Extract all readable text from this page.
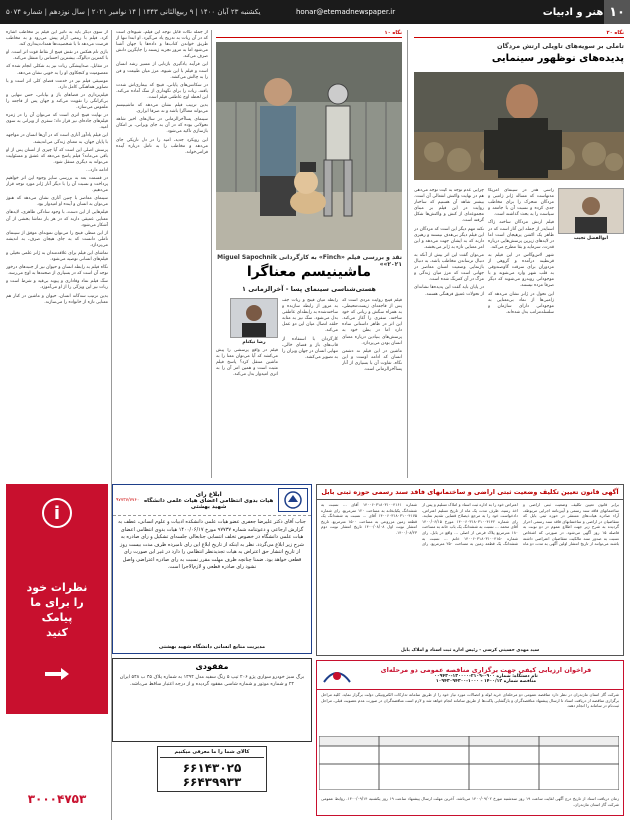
۱۰
هنر و ادبیات
honar@etemadnewspaper.ir
یکشنبه ۲۳ آبان ۱۴۰۰ | ۹ ربیع‌الثانی ۱۴۴۳ | ۱۴ نوامبر ۲۰۲۱ | سال نوزدهم | شماره ۵۰۷۴
نگاه ۲۰
تاملی بر سویه‌های تاویلی ارتش مردگان
پدیده‌های نوظهور سینمایی
ابوالفضل نجیب

راسی هدر در سینمای امریکا مدتهاست که مساله ژانر زامبی و مردگان متحرک را برای مخاطب جدی کرده و نسبت آن با جامعه و سیاست را به بحث گذاشته است.

فیلم ارتش مردگان ساخته زاک اسنایدر از جمله این آثار است که در ظاهر یک اکشن پرهیجان است اما در لایه‌های زیرین پرسش‌هایی درباره قدرت، سرمایه و بقا مطرح می‌کند.

شهر لاس‌وگاس در این فیلم به قرنطینه درآمده و گروهی از مزدوران برای سرقت گاوصندوقی به قلب شهر وارد می‌شوند و با موجوداتی روبه‌رو می‌شوند که دیگر صرفا مرده نیستند.

این تحول در ژانر نشان می‌دهد که زامبی‌ها از نماد بی‌معنایی به موجوداتی دارای سازمان و سلسله‌مراتب بدل شده‌اند.

چرایی عدم توجه به کیت توجه می‌دهی هم در نهایت واکنش انفعالی آن است. بیشتر شاهد آن هستیم که ساختار روایت در این فیلم بر مبنای مجموعه‌ای از کنش و واکنش‌ها شکل گرفته است.

نکته مهم دیگر این است که مردگان در این فیلم دیگر بی‌هدف نیستند و رهبری دارند که به ایشان جهت می‌دهد و این امر معنایی تازه به ژانر می‌بخشد.

می‌توان گفت این اثر بیش از آنکه به دنبال ترساندن مخاطب باشد، به دنبال بازنمایی وضعیت انسان معاصر در جهانی است که مرز میان زندگی و مرگ در آن کمرنگ شده است.

در پایان باید گفت این پدیده‌ها نشانه‌ای از تحولات عمیق فرهنگی هستند.

نگاه ۱۰
نقد و بررسی فیلم «Finch» به کارگردانی Miguel Sapochnik «۲۰۲۱»
ماشینیسم معناگرا
هستی‌شناسی سینمای پسا - آخرالزمانی ۱
رضا نیکنام

فیلم فینچ روایت مردی است که پس از فاجعه‌ای زیست‌محیطی، به همراه سگش و رباتی که خود ساخته، سفری را آغاز می‌کند. این اثر در ظاهر داستانی ساده دارد اما در بطن خود به پرسش‌های بنیادین درباره معنای انسان بودن می‌پردازد.

ماشین در این فیلم نه دشمن انسان که ادامه اوست و این نگاه، تفاوت آن با بسیاری از آثار پسا‌آخرالزمانی است.

رابطه میان فینچ و ربات جف به مرور از رابطه سازنده و ساخته‌شده به رابطه‌ای عاطفی بدل می‌شود. سگ نیز به مثابه حلقه اتصال میان این دو عمل می‌کند.

کارگردان با استفاده از قاب‌های باز و فضای خالی، تنهایی انسان در جهان ویران را به تصویر می‌کشد.

فیلم در واقع پرسشی را پیش می‌کشد که آیا می‌توان معنا را به ماشین منتقل کرد؟ پاسخ فیلم مثبت است و همین امر آن را به اثری امیدوار بدل می‌کند.

از جمله نکات قابل توجه این فیلم، شیوه‌ای است که در آن ربات به تدریج یاد می‌گیرد. او ابتدا تنها از طریق خواندن کتاب‌ها و داده‌ها با جهان آشنا می‌شود اما به مرور تجربه زیسته را جایگزین دانش صرف می‌کند.

این فرآیند یادگیری بازتابی از مسیر رشد انسان است و فیلم با این شیوه، مرز میان طبیعت و فن را به چالش می‌کشد.

در سکانس‌های پایانی، فینچ که بیماری‌اش شدت یافته، ربات را برای نگهداری از سگ آماده می‌کند. این لحظه اوج عاطفی فیلم است.

بدین ترتیب فیلم نشان می‌دهد که ماشینیسم می‌تواند معناگرا باشد و نه صرفا ابزاری.

سینمای پسا‌آخرالزمانی در سال‌های اخیر شاهد تحولاتی بوده که در آن به جای ویرانی، بر امکان بازسازی تاکید می‌شود.

این رویکرد جدید، امید را در دل تاریکی جای می‌دهد و مخاطب را به تامل درباره آینده فرامی‌خواند.

از سوی دیگر باید به تاثیر این فیلم بر مخاطب اشاره کرد. فیلم با ریتمی آرام پیش می‌رود و به مخاطب فرصت می‌دهد تا با شخصیت‌ها همذات‌پنداری کند.

بازی تام هنکس در نقش فینچ از نقاط قوت اثر است. او با کمترین دیالوگ، بیشترین احساس را منتقل می‌کند.

در مقابل، صداپیشگی ربات نیز به شکلی انجام شده که معصومیت و کنجکاوی او را به خوبی نشان می‌دهد.

موسیقی فیلم نیز در خدمت فضای کلی اثر است و با تصاویر هماهنگی کامل دارد.

فیلم‌برداری در فضاهای باز و بیابانی، حس تنهایی و بی‌کرانگی را تقویت می‌کند و جهان پس از فاجعه را ملموس می‌سازد.

در نهایت فینچ اثری است که می‌توان آن را در زمره فیلم‌های جاده‌ای نیز قرار داد؛ سفری از ویرانی به سوی امید.

این فیلم یادآور آثاری است که در آن‌ها انسان در مواجهه با پایان جهان، به معنای زندگی می‌اندیشد.

پرسش اصلی این است که آیا چیزی از انسان پس از او باقی می‌ماند؟ فیلم پاسخ می‌دهد که عشق و مسئولیت می‌تواند به دیگری منتقل شود.

ادامه دارد...

در قسمت بعد به بررسی سایر وجوه این اثر خواهیم پرداخت و نسبت آن را با دیگر آثار ژانر مورد توجه قرار می‌دهیم.

سینمای معاصر با چنین آثاری نشان می‌دهد که هنوز می‌توان به انسان و آینده او امیدوار بود.

فیلم‌هایی از این دست، با وجود سادگی ظاهری، لایه‌های معنایی عمیقی دارند که در هر بار تماشا بخشی از آن آشکار می‌شود.

از این منظر، فینچ را می‌توان نمونه‌ای موفق از سینمای تاملی دانست که به جای هیجان صرف، به اندیشه می‌پردازد.

تماشای این فیلم برای علاقه‌مندان به ژانر علمی تخیلی و فیلم‌های انسانی توصیه می‌شود.

نگاه فیلم به رابطه انسان و حیوان نیز از جنبه‌های درخور توجه آن است که در بسیاری از صحنه‌ها به اوج می‌رسد.

سگ فیلم نماد وفاداری و پیوند بی‌قید و شرط است و ربات نیز این ویژگی را از او می‌آموزد.

بدین ترتیب سه‌گانه انسان، حیوان و ماشین در کنار هم معنایی تازه از خانواده را می‌سازند.

آگهی قانون تعیین تکلیف وضعیت ثبتی اراضی و ساختمانهای فاقد سند رسمی حوزه ثبتی بابل
برابر قانون تعیین تکلیف وضعیت ثبتی اراضی و ساختمانهای فاقد سند رسمی و آیین‌نامه اجرایی مربوطه، آراء صادره هیات‌های مستقر در حوزه ثبتی بابل که متقاضیان در اراضی و ساختمانهای فاقد سند رسمی احراز گردیده به شرح زیر جهت اطلاع عموم در دو نوبت به فاصله ۱۵ روز آگهی می‌شود. در صورتی که اشخاص نسبت به صدور سند مالکیت متقاضیان اعتراضی داشته باشند می‌توانند از تاریخ انتشار اولین آگهی به مدت دو ماه اعتراض خود را به اداره ثبت اسناد و املاک تسلیم و پس از اخذ رسید، ظرف مدت یک ماه از تاریخ تسلیم اعتراض، دادخواست خود را به مرجع ذیصلاح قضایی تقدیم نمایند. رای شماره ۱۴۰۰۶۰۳۱۸۰۳۱۰۰۴۱۴۲ مورخ ۱۴۰۰/۰۶/۱۵ آقای محمد ... نسبت به ششدانگ یک باب خانه به مساحت ۱۸۰ مترمربع پلاک فرعی از اصلی ... واقع در بابل. رای شماره ۱۴۰۰۶۰۳۱۸۰۳۱۰۰۴۱۵۰ خانم ... نسبت به ششدانگ یک قطعه زمین به مساحت ۲۵۰ مترمربع. رای شماره ۱۴۰۰۶۰۳۱۸۰۳۱۰۰۴۱۶۱ آقای ... نسبت به ششدانگ یکبابخانه به مساحت ۱۲۰ مترمربع. رای شماره ۱۴۰۰۶۰۳۱۸۰۳۱۰۰۴۱۷۵ آقای ... نسبت به ششدانگ یک قطعه زمین مزروعی به مساحت ۱۵۰۰ مترمربع. تاریخ انتشار نوبت اول ۱۴۰۰/۰۸/۰۸ تاریخ انتشار نوبت دوم ۱۴۰۰/۰۸/۲۳.
سید مهدی حسینی کرسی - رئیس اداره ثبت اسناد و املاک بابل
ابلاغ رای
هیات بدوی انتظامی اعضای هیات علمی دانشگاه شهید بهشتی
۹۷۷۳۷/۷۷۶۰
جناب آقای دکتر علیرضا جعفری عضو هیات علمی دانشکده ادبیات و علوم انسانی، عطف به گزارش ارجاعی و دعوتنامه شماره ۹۷۷۳۷ مورخ ۱۴۰۰/۰۶/۱۷ هیات بدوی انتظامی اعضای هیات علمی دانشگاه در خصوص تخلف انتسابی جنابعالی جلسه‌ای تشکیل و رای صادره به شرح زیر ابلاغ می‌گردد. نظر به اینکه از تاریخ ابلاغ این رای نامبرده ظرف مدت بیست روز از تاریخ انتشار حق اعتراض به هیات تجدیدنظر انتظامی را دارد در غیر این صورت رای قطعی خواهد بود. ضمنا چنانچه ظرف مهلت مقرر نسبت به رای صادره اعتراضی واصل نشود رای صادره قطعی و لازم‌الاجرا است.
مدیریت منابع انسانی دانشگاه شهید بهشتی
i
نظرات خود
را برای ما
پیامک
کنید
۳۰۰۰۴۷۵۳
فراخوان ارزیابی کیفی جهت برگزاری مناقصه عمومی دو مرحله‌ای
نام دستگاه: شماره ۰۹۰۰-۲۱۰۹-۱۳۰۰۰۰-۰۰۹۴۳۰
مناقصه شماره ۱۴۰۰/۱۲ - ۱۰۰۰-۱۰۹۴۳۰۹۴۳۰۰
شرکت گاز استان مازندران در نظر دارد مناقصه عمومی دو مرحله‌ای خرید لوله و اتصالات مورد نیاز خود را از طریق سامانه تدارکات الکترونیکی دولت برگزار نماید. کلیه مراحل برگزاری مناقصه از دریافت اسناد تا ارسال پیشنهاد مناقصه‌گران و بازگشایی پاکت‌ها از طریق سامانه انجام خواهد شد و لازم است مناقصه‌گران در صورت عدم عضویت قبلی، مراحل ثبت‌نام در سامانه را انجام دهند.
زمان دریافت اسناد از تاریخ درج آگهی لغایت ساعت ۱۹ روز سه‌شنبه مورخ ۱۴۰۰/۰۹/۰۲ می‌باشد. آخرین مهلت ارسال پیشنهاد ساعت ۱۹ روز یکشنبه ۱۴۰۰/۰۹/۱۴. روابط عمومی شرکت گاز استان مازندران.
مفقودی
برگ سبز خودرو سواری پژو ۲۰۶ تیپ ۵ رنگ سفید مدل ۱۳۹۴ به شماره پلاک ۴۵ ب ۵۴۸ ایران ۲۴ و شماره موتور و شماره شاسی مفقود گردیده و از درجه اعتبار ساقط می‌باشد.
کالای شما را ما معرفی میکنیم
۶۶۱۴۳۰۲۵
۶۶۴۳۹۹۳۳
